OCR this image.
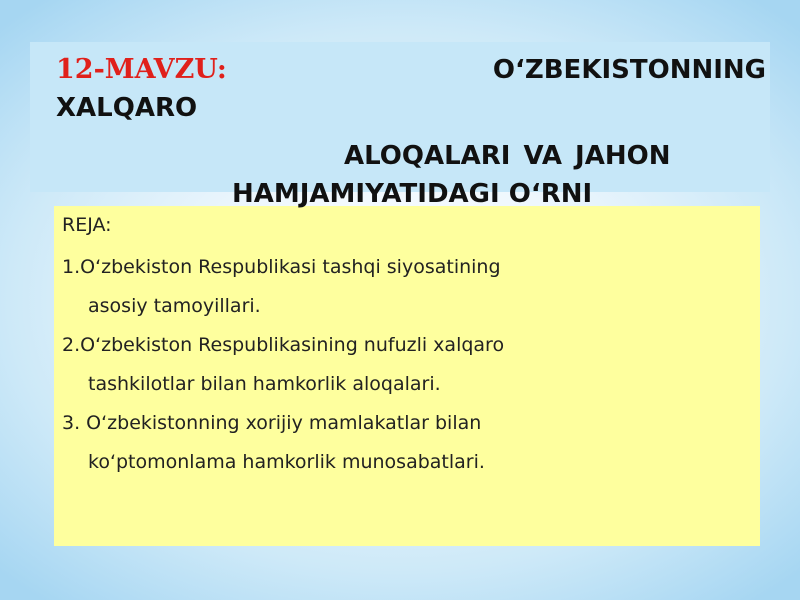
12-MAVZU:	O‘ZBEKISTONNING
XALQARO
ALOQALARI VA JAHON
HAMJAMIYATIDAGI O‘RNI
REJA:
1.O‘zbekiston Respublikasi tashqi siyosatining
asosiy tamoyillari.
2.O‘zbekiston Respublikasining nufuzli xalqaro
tashkilotlar bilan hamkorlik aloqalari.
3. O‘zbekistonning xorijiy mamlakatlar bilan
ko‘ptomonlama hamkorlik munosabatlari.
